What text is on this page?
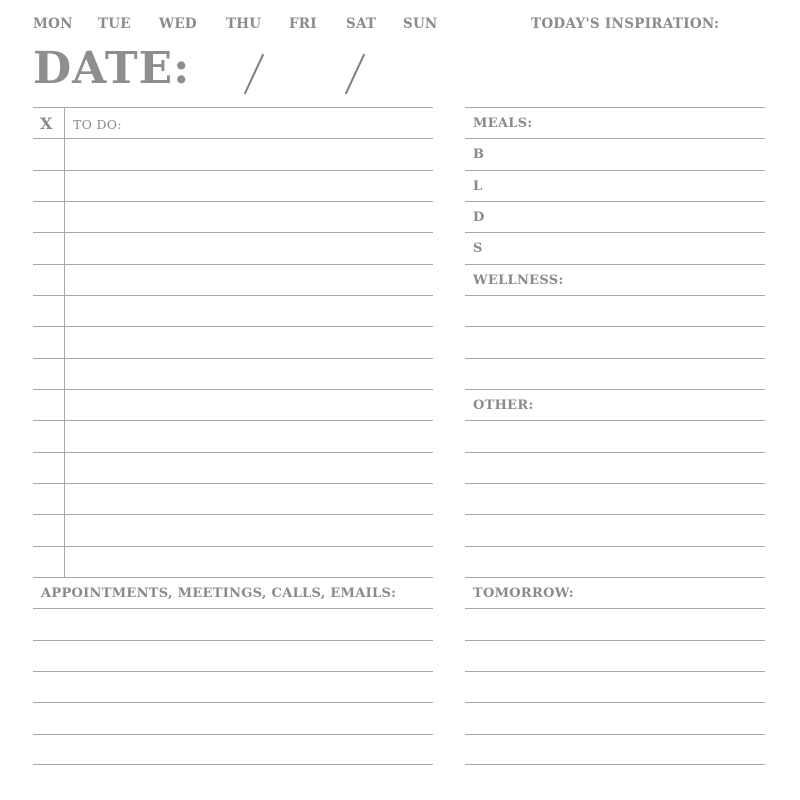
MON TUE WED THU FRI SAT SUN
DATE:
TODAY'S INSPIRATION:
X TO DO:
APPOINTMENTS, MEETINGS, CALLS, EMAILS:
MEALS:
B
L
D
S
WELLNESS:
OTHER:
TOMORROW:
